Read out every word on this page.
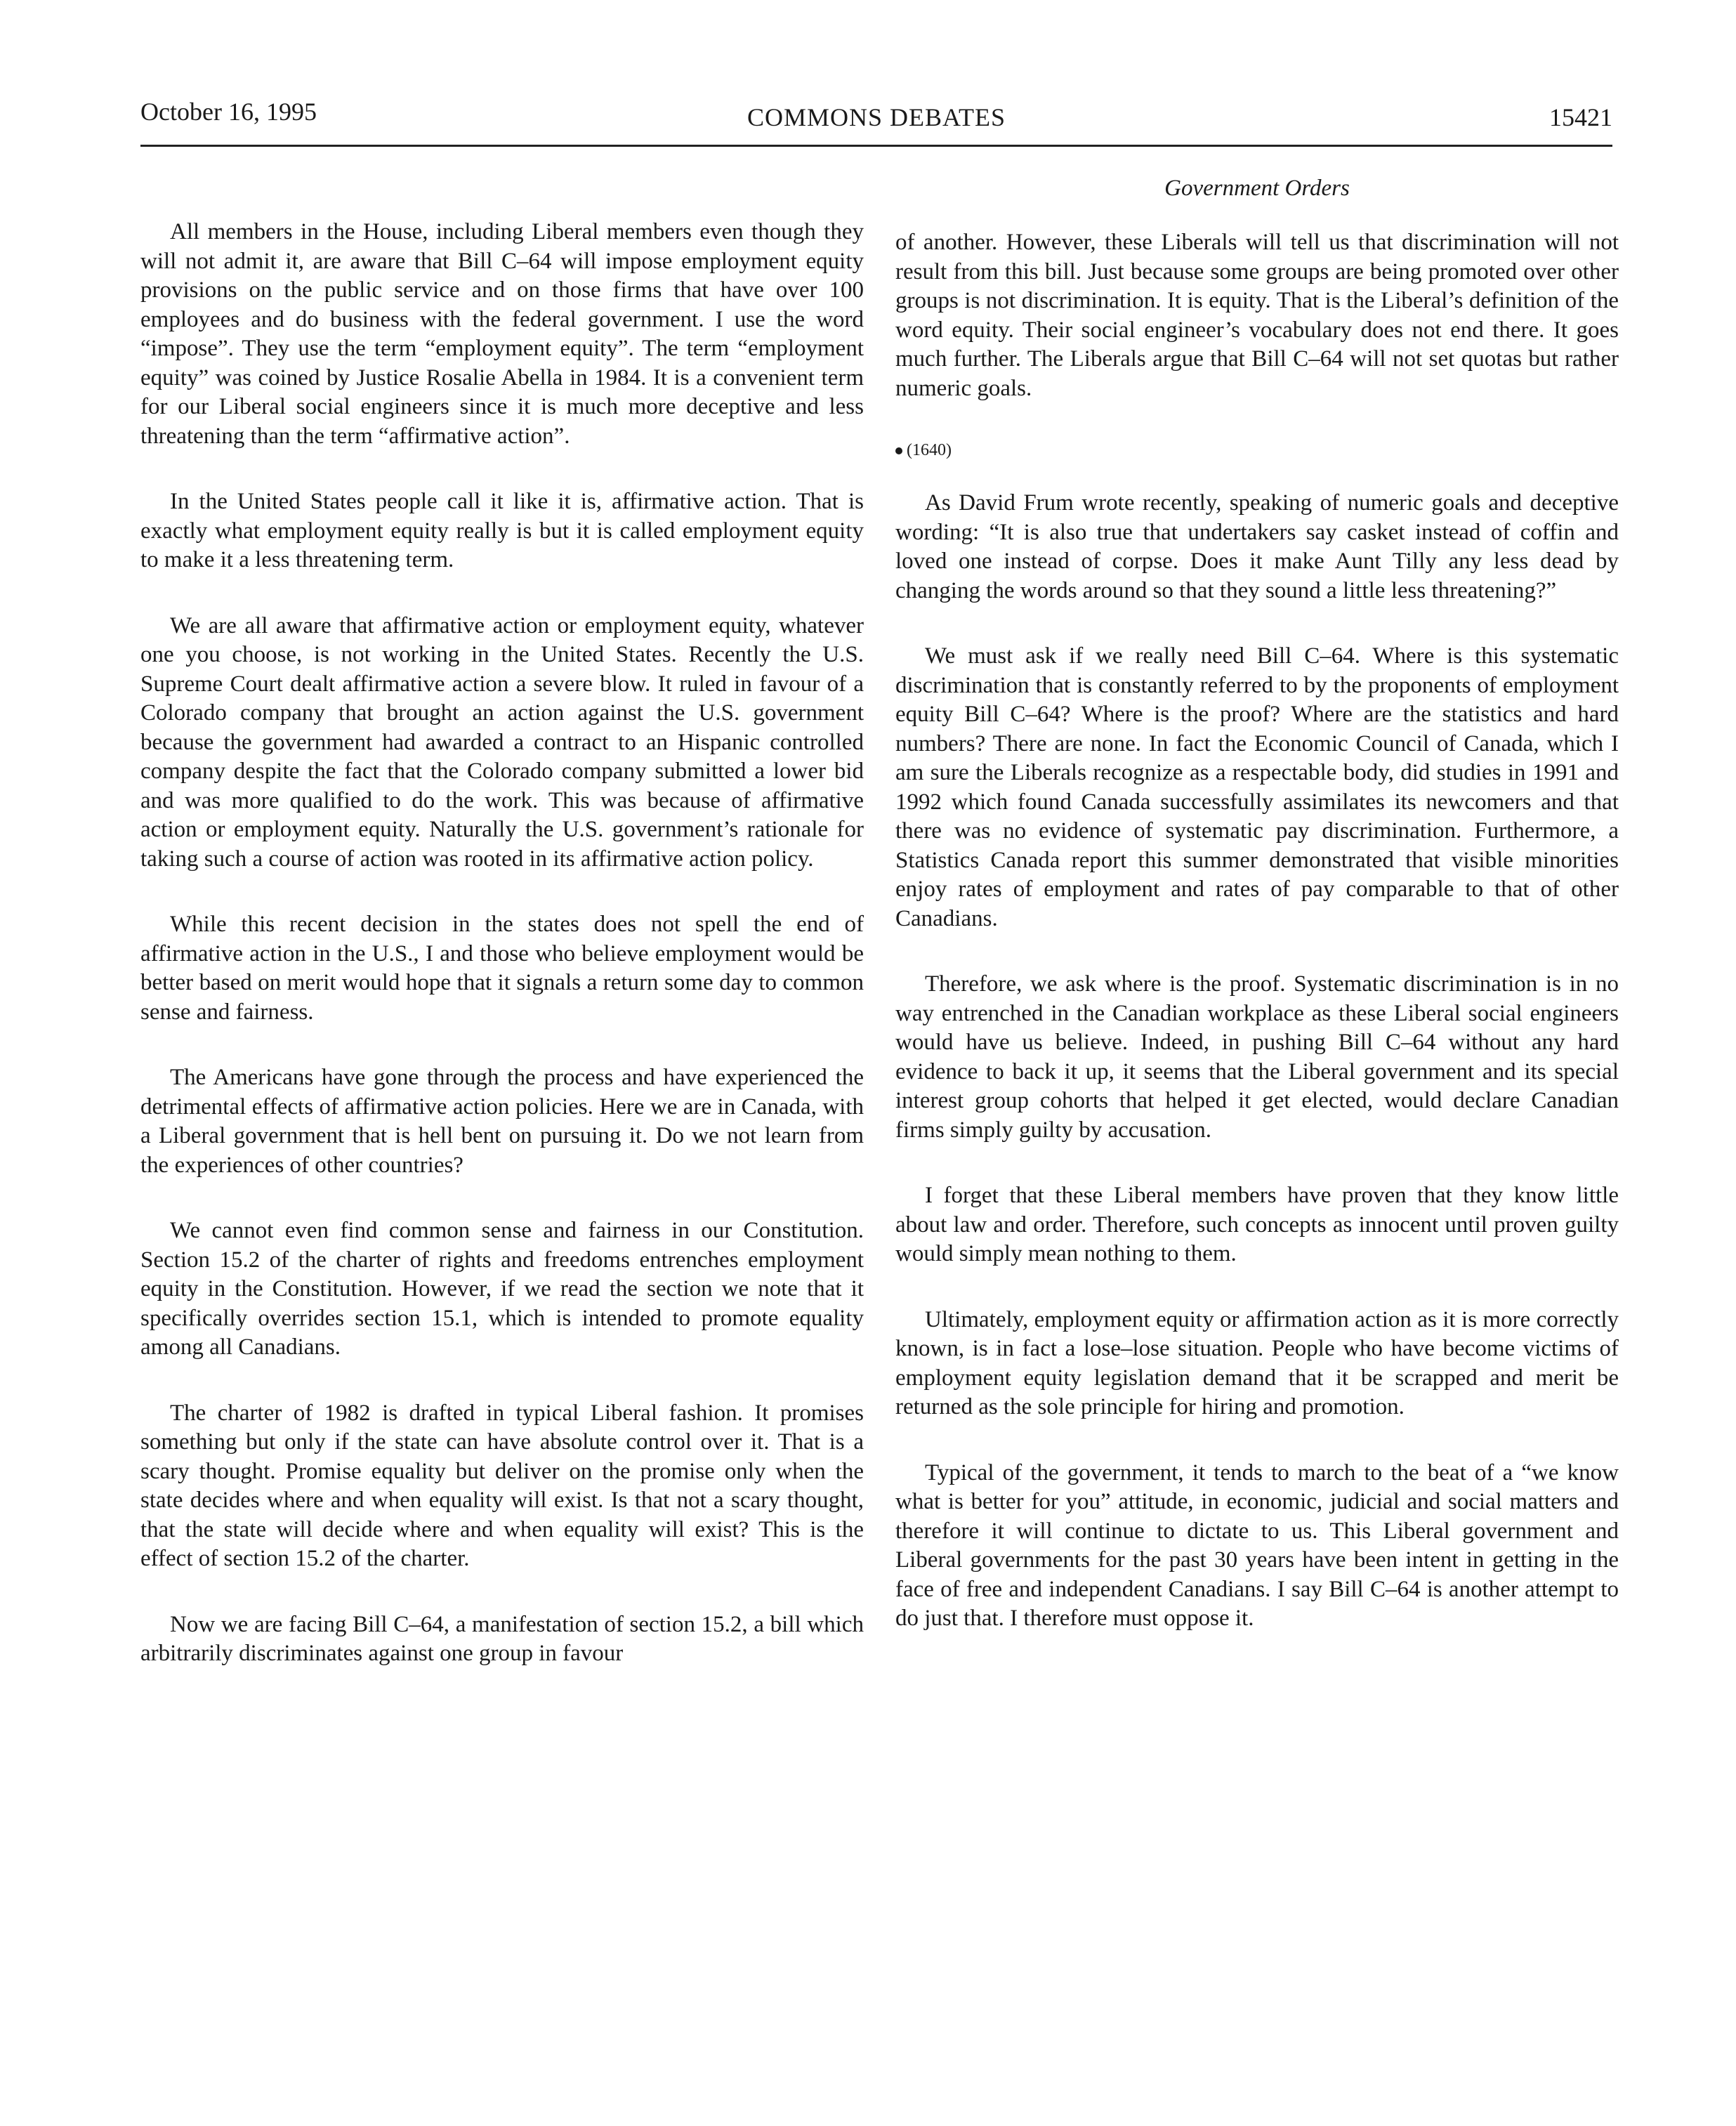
October 16, 1995	COMMONS DEBATES	15421
Government Orders

All members in the House, including Liberal members even though they will not admit it, are aware that Bill C–64 will impose employment equity provisions on the public service and on those firms that have over 100 employees and do business with the federal government. I use the word “impose”. They use the term “employment equity”. The term “employment equity” was coined by Justice Rosalie Abella in 1984. It is a convenient term for our Liberal social engineers since it is much more deceptive and less threatening than the term “affirmative action”.

In the United States people call it like it is, affirmative action. That is exactly what employment equity really is but it is called employment equity to make it a less threatening term.

We are all aware that affirmative action or employment equity, whatever one you choose, is not working in the United States. Recently the U.S. Supreme Court dealt affirmative action a severe blow. It ruled in favour of a Colorado company that brought an action against the U.S. government because the government had awarded a contract to an Hispanic controlled company despite the fact that the Colorado company submitted a lower bid and was more qualified to do the work. This was because of affirmative action or employment equity. Naturally the U.S. government’s rationale for taking such a course of action was rooted in its affirmative action policy.

While this recent decision in the states does not spell the end of affirmative action in the U.S., I and those who believe employment would be better based on merit would hope that it signals a return some day to common sense and fairness.

The Americans have gone through the process and have experienced the detrimental effects of affirmative action policies. Here we are in Canada, with a Liberal government that is hell bent on pursuing it. Do we not learn from the experiences of other countries?

We cannot even find common sense and fairness in our Constitution. Section 15.2 of the charter of rights and freedoms entrenches employment equity in the Constitution. However, if we read the section we note that it specifically overrides section 15.1, which is intended to promote equality among all Canadians.

The charter of 1982 is drafted in typical Liberal fashion. It promises something but only if the state can have absolute control over it. That is a scary thought. Promise equality but deliver on the promise only when the state decides where and when equality will exist. Is that not a scary thought, that the state will decide where and when equality will exist? This is the effect of section 15.2 of the charter.

Now we are facing Bill C–64, a manifestation of section 15.2, a bill which arbitrarily discriminates against one group in favour

of another. However, these Liberals will tell us that discrimination will not result from this bill. Just because some groups are being promoted over other groups is not discrimination. It is equity. That is the Liberal’s definition of the word equity. Their social engineer’s vocabulary does not end there. It goes much further. The Liberals argue that Bill C–64 will not set quotas but rather numeric goals.

(1640)

As David Frum wrote recently, speaking of numeric goals and deceptive wording: “It is also true that undertakers say casket instead of coffin and loved one instead of corpse. Does it make Aunt Tilly any less dead by changing the words around so that they sound a little less threatening?”

We must ask if we really need Bill C–64. Where is this systematic discrimination that is constantly referred to by the proponents of employment equity Bill C–64? Where is the proof? Where are the statistics and hard numbers? There are none. In fact the Economic Council of Canada, which I am sure the Liberals recognize as a respectable body, did studies in 1991 and 1992 which found Canada successfully assimilates its newcomers and that there was no evidence of systematic pay discrimination. Furthermore, a Statistics Canada report this summer demonstrated that visible minorities enjoy rates of employment and rates of pay comparable to that of other Canadians.

Therefore, we ask where is the proof. Systematic discrimination is in no way entrenched in the Canadian workplace as these Liberal social engineers would have us believe. Indeed, in pushing Bill C–64 without any hard evidence to back it up, it seems that the Liberal government and its special interest group cohorts that helped it get elected, would declare Canadian firms simply guilty by accusation.

I forget that these Liberal members have proven that they know little about law and order. Therefore, such concepts as innocent until proven guilty would simply mean nothing to them.

Ultimately, employment equity or affirmation action as it is more correctly known, is in fact a lose–lose situation. People who have become victims of employment equity legislation demand that it be scrapped and merit be returned as the sole principle for hiring and promotion.

Typical of the government, it tends to march to the beat of a “we know what is better for you” attitude, in economic, judicial and social matters and therefore it will continue to dictate to us. This Liberal government and Liberal governments for the past 30 years have been intent in getting in the face of free and independent Canadians. I say Bill C–64 is another attempt to do just that. I therefore must oppose it.
